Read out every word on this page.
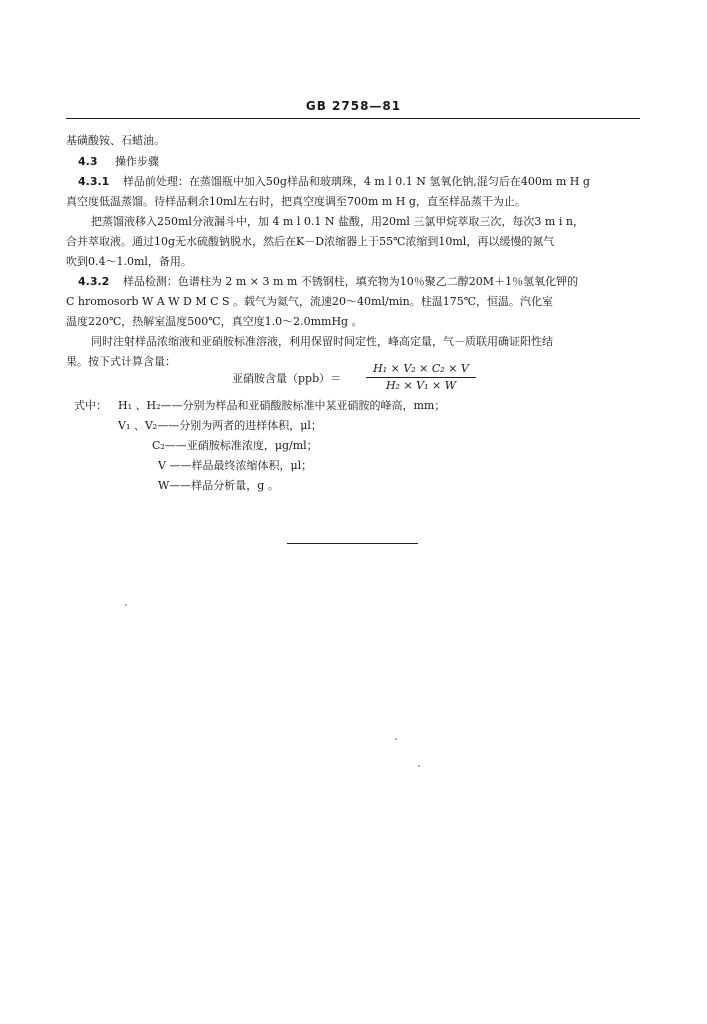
GB 2758—81
基磺酸铵、石蜡油。
4.3 操作步骤
4.3.1 样品前处理：在蒸馏瓶中加入50g样品和玻璃珠，4 m l 0.1 N 氢氧化钠,混匀后在400m m H g
真空度低温蒸馏。待样品剩余10ml左右时，把真空度调至700m m H g，直至样品蒸干为止。
把蒸馏液移入250ml分液漏斗中，加 4 m l 0.1 N 盐酸，用20ml 三氯甲烷萃取三次，每次3 m i n，
合并萃取液。通过10g无水硫酸钠脱水，然后在K－D浓缩器上于55℃浓缩到10ml，再以缓慢的氮气
吹到0.4～1.0ml，备用。
4.3.2 样品检测：色谱柱为 2 m × 3 m m 不锈钢柱，填充物为10％聚乙二醇20M＋1％氢氧化钾的
C hromosorb W A W D M C S 。载气为氦气，流速20～40ml/min。柱温175℃，恒温。汽化室
温度220℃，热解室温度500℃，真空度1.0～2.0mmHg 。
同时注射样品浓缩液和亚硝胺标准溶液，利用保留时间定性，峰高定量，气－质联用确证阳性结
果。按下式计算含量：
亚硝胺含量（ppb）＝
H₁ × V₂ × C₂ × V
H₂ × V₁ × W
式中： H₁ 、H₂——分别为样品和亚硝酸胺标准中某亚硝胺的峰高，mm；
V₁ 、V₂——分别为两者的进样体积，μl；
C₂——亚硝胺标准浓度，μg/ml；
V ——样品最终浓缩体积，μl；
W——样品分析量，g 。
